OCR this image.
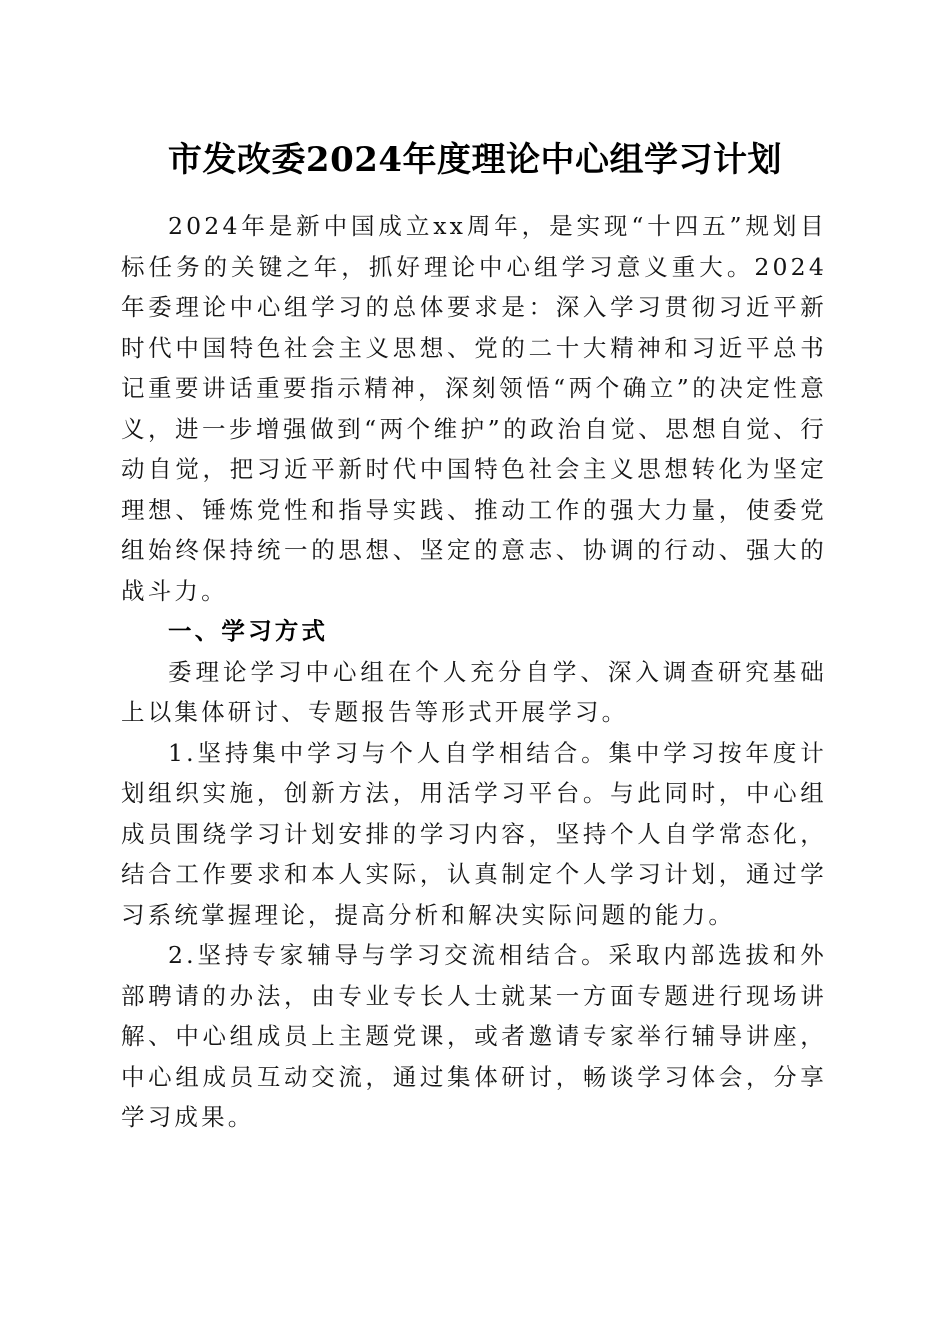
市发改委2024年度理论中心组学习计划

2024年是新中国成立xx周年，是实现“十四五”规划目标任务的关键之年，抓好理论中心组学习意义重大。2024年委理论中心组学习的总体要求是：深入学习贯彻习近平新时代中国特色社会主义思想、党的二十大精神和习近平总书记重要讲话重要指示精神，深刻领悟“两个确立”的决定性意义，进一步增强做到“两个维护”的政治自觉、思想自觉、行动自觉，把习近平新时代中国特色社会主义思想转化为坚定理想、锤炼党性和指导实践、推动工作的强大力量，使委党组始终保持统一的思想、坚定的意志、协调的行动、强大的战斗力。

一、学习方式

委理论学习中心组在个人充分自学、深入调查研究基础上以集体研讨、专题报告等形式开展学习。

1.坚持集中学习与个人自学相结合。集中学习按年度计划组织实施，创新方法，用活学习平台。与此同时，中心组成员围绕学习计划安排的学习内容，坚持个人自学常态化，结合工作要求和本人实际，认真制定个人学习计划，通过学习系统掌握理论，提高分析和解决实际问题的能力。

2.坚持专家辅导与学习交流相结合。采取内部选拔和外部聘请的办法，由专业专长人士就某一方面专题进行现场讲解、中心组成员上主题党课，或者邀请专家举行辅导讲座，中心组成员互动交流，通过集体研讨，畅谈学习体会，分享学习成果。
